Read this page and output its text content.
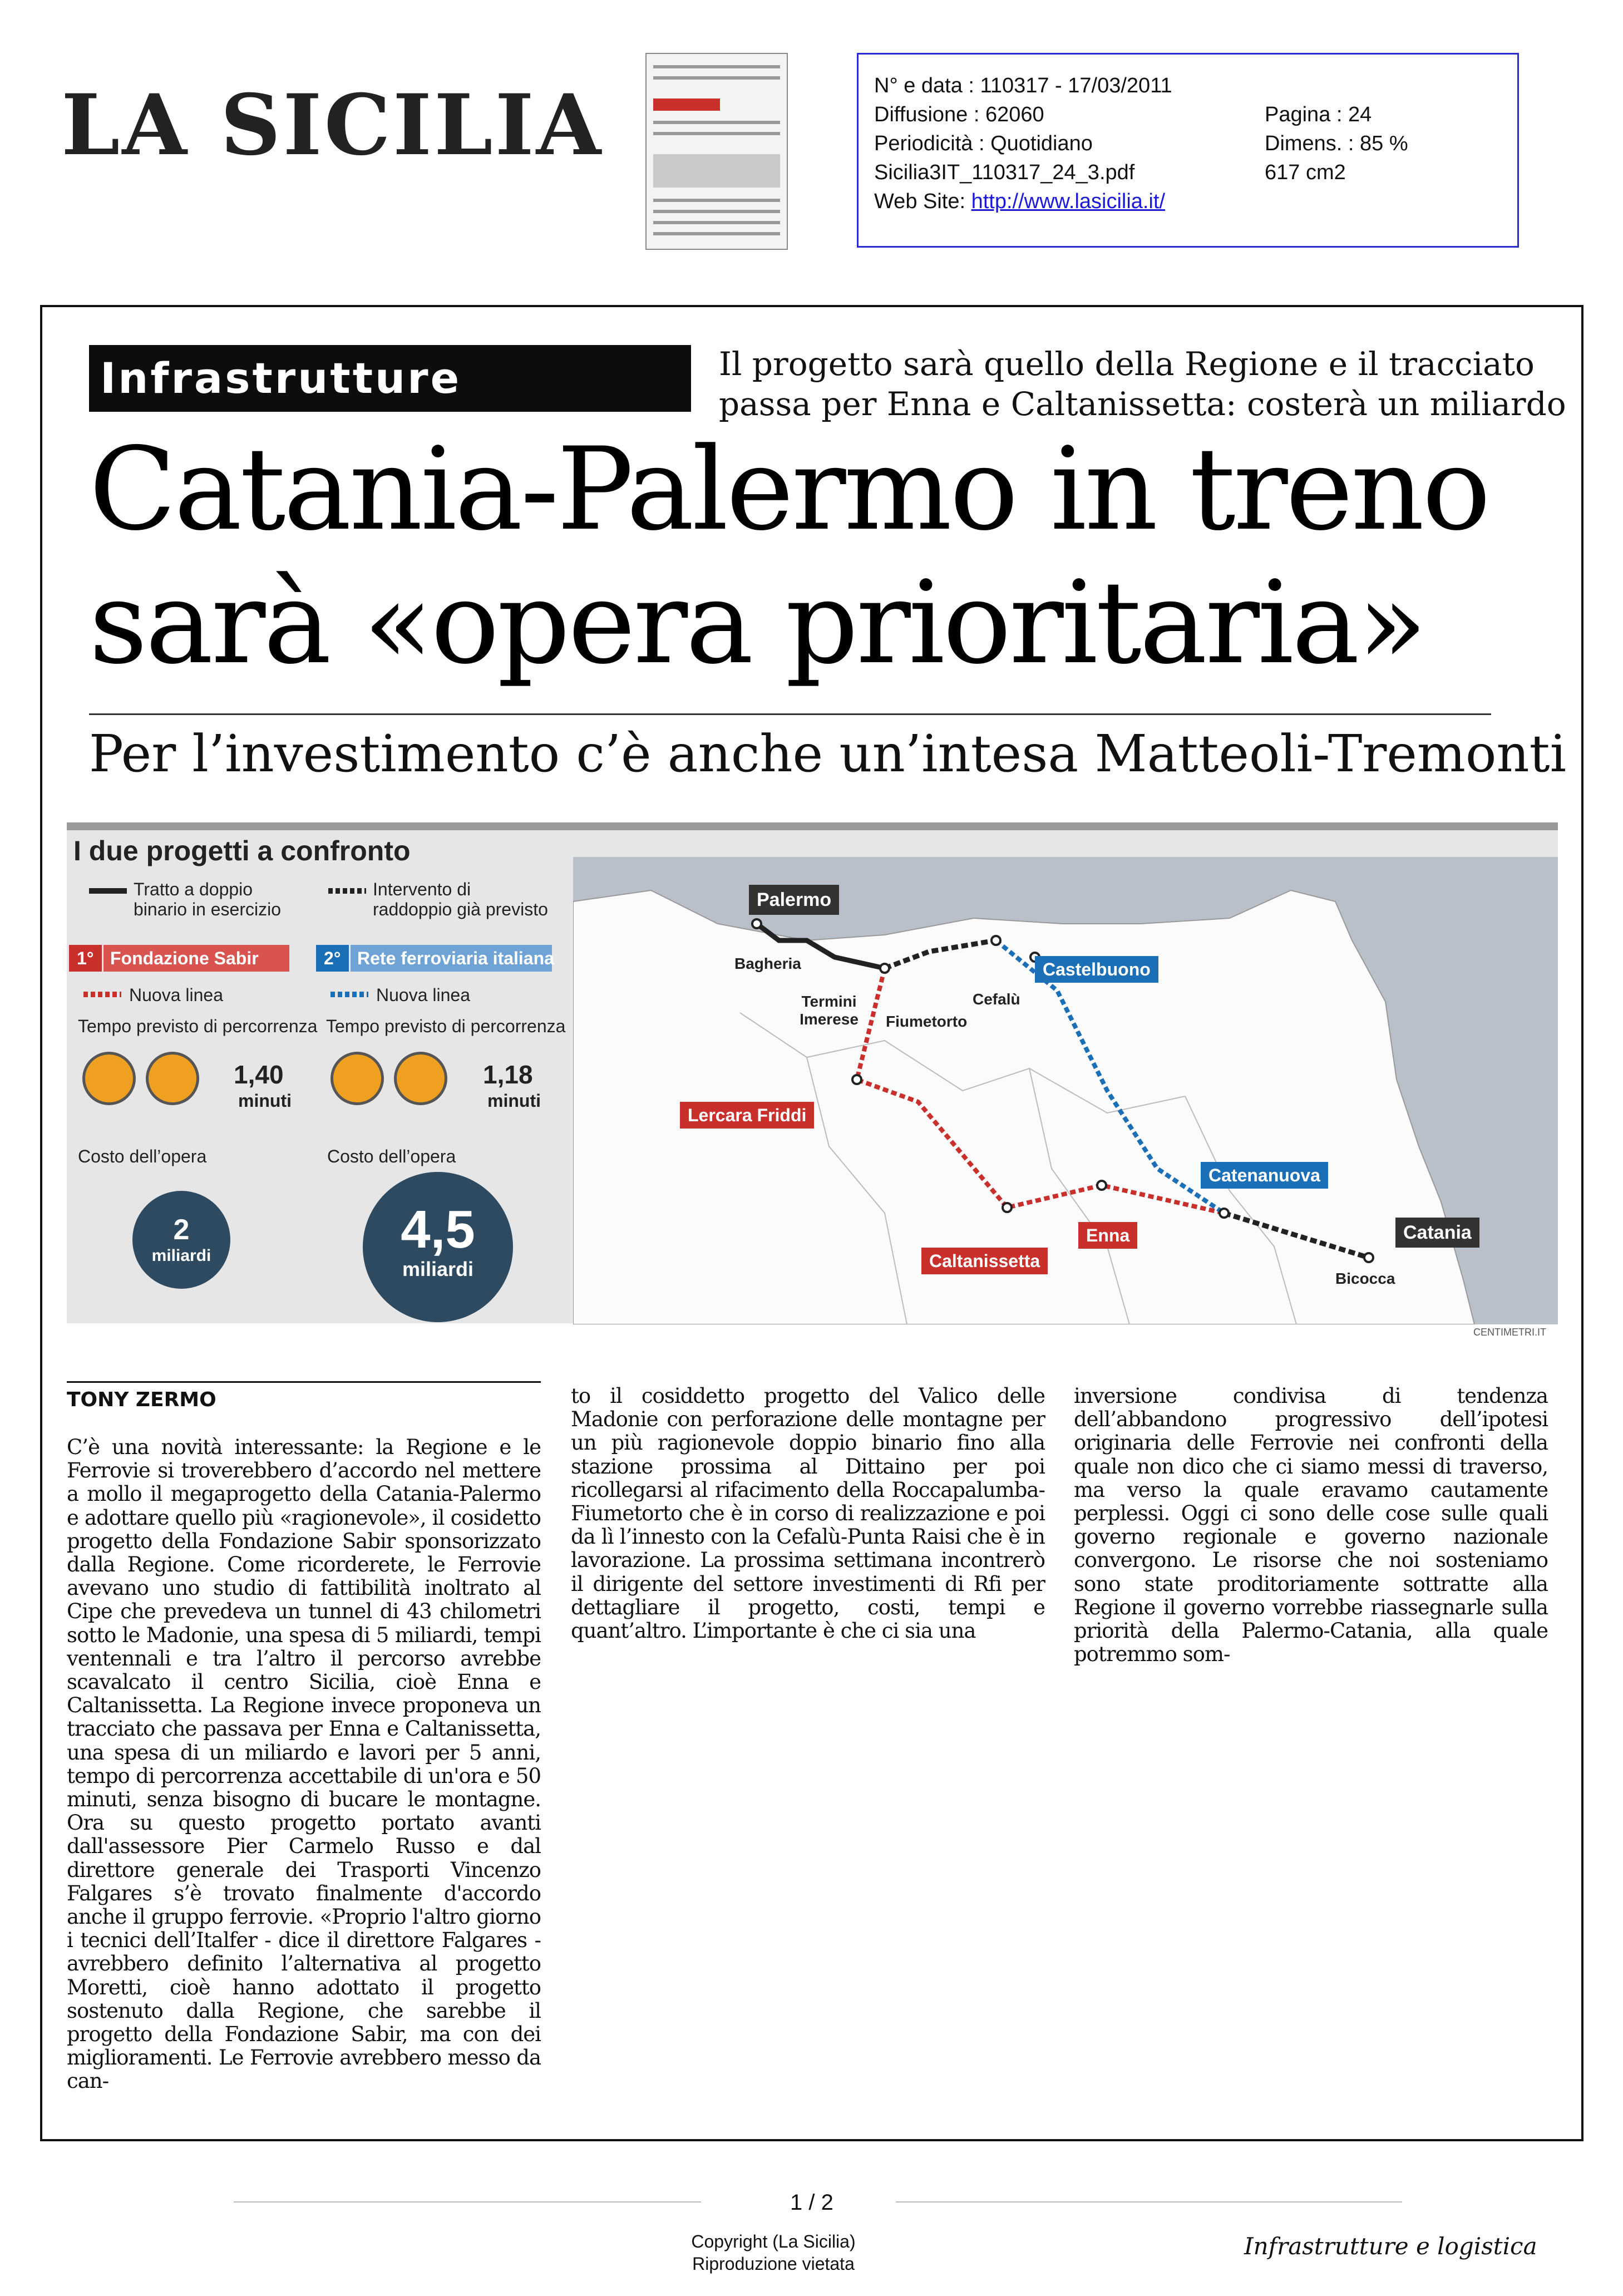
LA SICILIA	N° e data : 110317 - 17/03/2011
Diffusione : 62060
Periodicità : Quotidiano
Sicilia3IT_110317_24_3.pdf
Web Site: http://www.lasicilia.it/
Pagina : 24
Dimens. : 85 %
617 cm2
Infrastrutture	Il progetto sarà quello della Regione e il tracciato
passa per Enna e Caltanissetta: costerà un miliardo
Catania-Palermo in treno
sarà «opera prioritaria»
Per l’investimento c’è anche un’intesa Matteoli-Tremonti
I due progetti a confronto
Tratto a doppio binario in esercizio
Intervento di raddoppio già previsto
1° Fondazione Sabir
Nuova linea
Tempo previsto di percorrenza
1,40
minuti
Costo dell’opera
2
miliardi
2° Rete ferroviaria italiana
Nuova linea
Tempo previsto di percorrenza
1,18
minuti
Costo dell’opera
4,5
miliardi
Palermo
Bagheria
Termini Imerese Fiumetorto
Cefalù
Castelbuono
Lercara Friddi
Catenanuova
Enna
Caltanissetta
Catania
Bicocca
CENTIMETRI.IT
TONY ZERMO
C’è una novità interessante: la Regione e le Ferrovie si troverebbero d’accordo nel mettere a mollo il megaprogetto della Catania-Palermo e adottare quello più «ragionevole», il cosidetto progetto della Fondazione Sabir sponsorizzato dalla Regione. Come ricorderete, le Ferrovie avevano uno studio di fattibilità inoltrato al Cipe che prevedeva un tunnel di 43 chilometri sotto le Madonie, una spesa di 5 miliardi, tempi ventennali e tra l’altro il percorso avrebbe scavalcato il centro Sicilia, cioè Enna e Caltanissetta. La Regione invece proponeva un tracciato che passava per Enna e Caltanissetta, una spesa di un miliardo e lavori per 5 anni, tempo di percorrenza accettabile di un'ora e 50 minuti, senza bisogno di bucare le montagne. Ora su questo progetto portato avanti dall'assessore Pier Carmelo Russo e dal direttore generale dei Trasporti Vincenzo Falgares s’è trovato finalmente d'accordo anche il gruppo ferrovie. «Proprio l'altro giorno i tecnici dell’Italfer - dice il direttore Falgares - avrebbero definito l’alternativa al progetto Moretti, cioè hanno adottato il progetto sostenuto dalla Regione, che sarebbe il progetto della Fondazione Sabir, ma con dei miglioramenti. Le Ferrovie avrebbero messo da can-
to il cosiddetto progetto del Valico delle Madonie con perforazione delle montagne per un più ragionevole doppio binario fino alla stazione prossima al Dittaino per poi ricollegarsi al rifacimento della Roccapalumba-Fiumetorto che è in corso di realizzazione e poi da lì l’innesto con la Cefalù-Punta Raisi che è in lavorazione. La prossima settimana incontrerò il dirigente del settore investimenti di Rfi per dettagliare il progetto, costi, tempi e quant’altro. L’importante è che ci sia una
inversione condivisa di tendenza dell’abbandono progressivo dell’ipotesi originaria delle Ferrovie nei confronti della quale non dico che ci siamo messi di traverso, ma verso la quale eravamo cautamente perplessi. Oggi ci sono delle cose sulle quali governo regionale e governo nazionale convergono. Le risorse che noi sosteniamo sono state proditoriamente sottratte alla Regione il governo vorrebbe riassegnarle sulla priorità della Palermo-Catania, alla quale potremmo som-
1 / 2
Copyright (La Sicilia)
Riproduzione vietata
Infrastrutture e logistica
